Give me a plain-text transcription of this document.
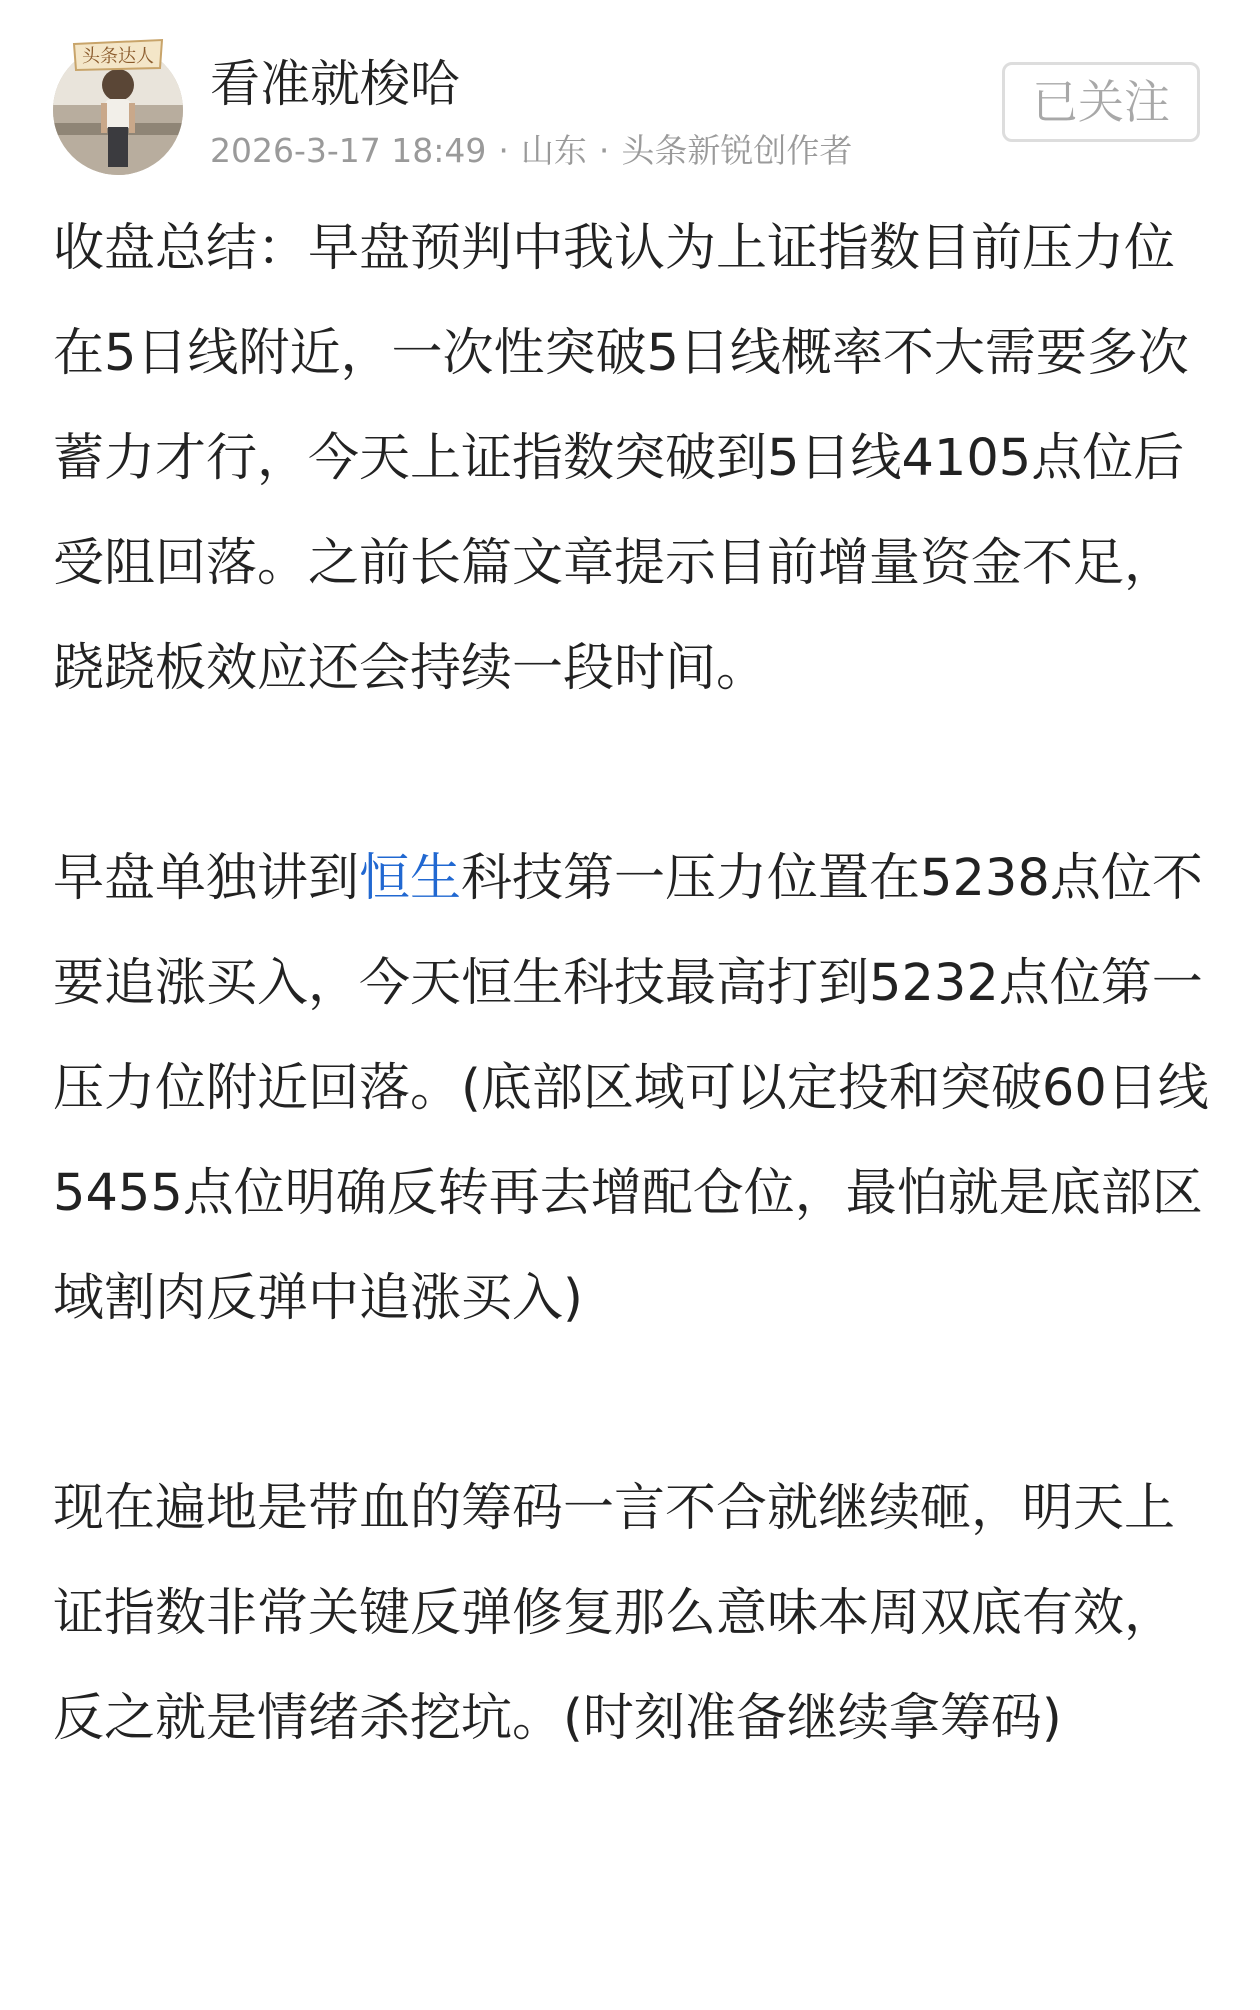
头条达人 看准就梭哈
2026-3-17 18:49 · 山东 · 头条新锐创作者
已关注

收盘总结：早盘预判中我认为上证指数目前压力位在5日线附近，一次性突破5日线概率不大需要多次蓄力才行，今天上证指数突破到5日线4105点位后受阻回落。之前长篇文章提示目前增量资金不足，跷跷板效应还会持续一段时间。

早盘单独讲到恒生科技第一压力位置在5238点位不要追涨买入，今天恒生科技最高打到5232点位第一压力位附近回落。(底部区域可以定投和突破60日线5455点位明确反转再去增配仓位，最怕就是底部区域割肉反弹中追涨买入)

现在遍地是带血的筹码一言不合就继续砸，明天上证指数非常关键反弹修复那么意味本周双底有效，反之就是情绪杀挖坑。(时刻准备继续拿筹码)
